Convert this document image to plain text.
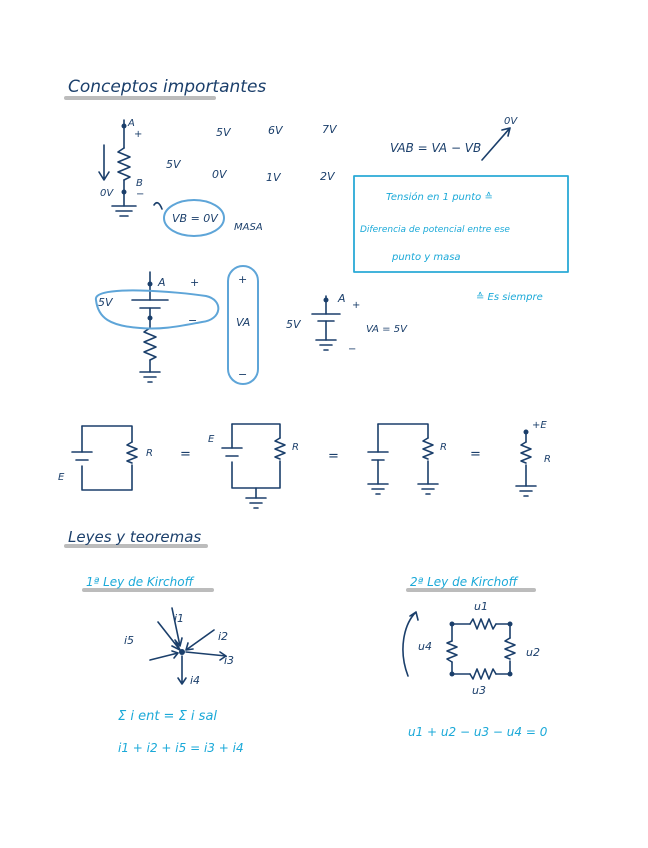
Conceptos importantes
A
+
5V
0V
B
−
VB = 0V
MASA
5V	6V	7V
0V	1V	2V
VAB = VA − VB
0V
Tensión en 1 punto ≙
Diferencia de potencial entre ese
punto y masa
≙ Es siempre
5V
A +
−
+
VA
−
5V
A
+
VA = 5V
−
E
R =
E
R
=
R =
+E
R
Leyes y teoremas
1ª Ley de Kirchoff
i5
i1
i2
i3
i4
Σ i ent = Σ i sal
i1 + i2 + i5 = i3 + i4
2ª Ley de Kirchoff
u1
u2
u3
u4
u1 + u2 − u3 − u4 = 0
